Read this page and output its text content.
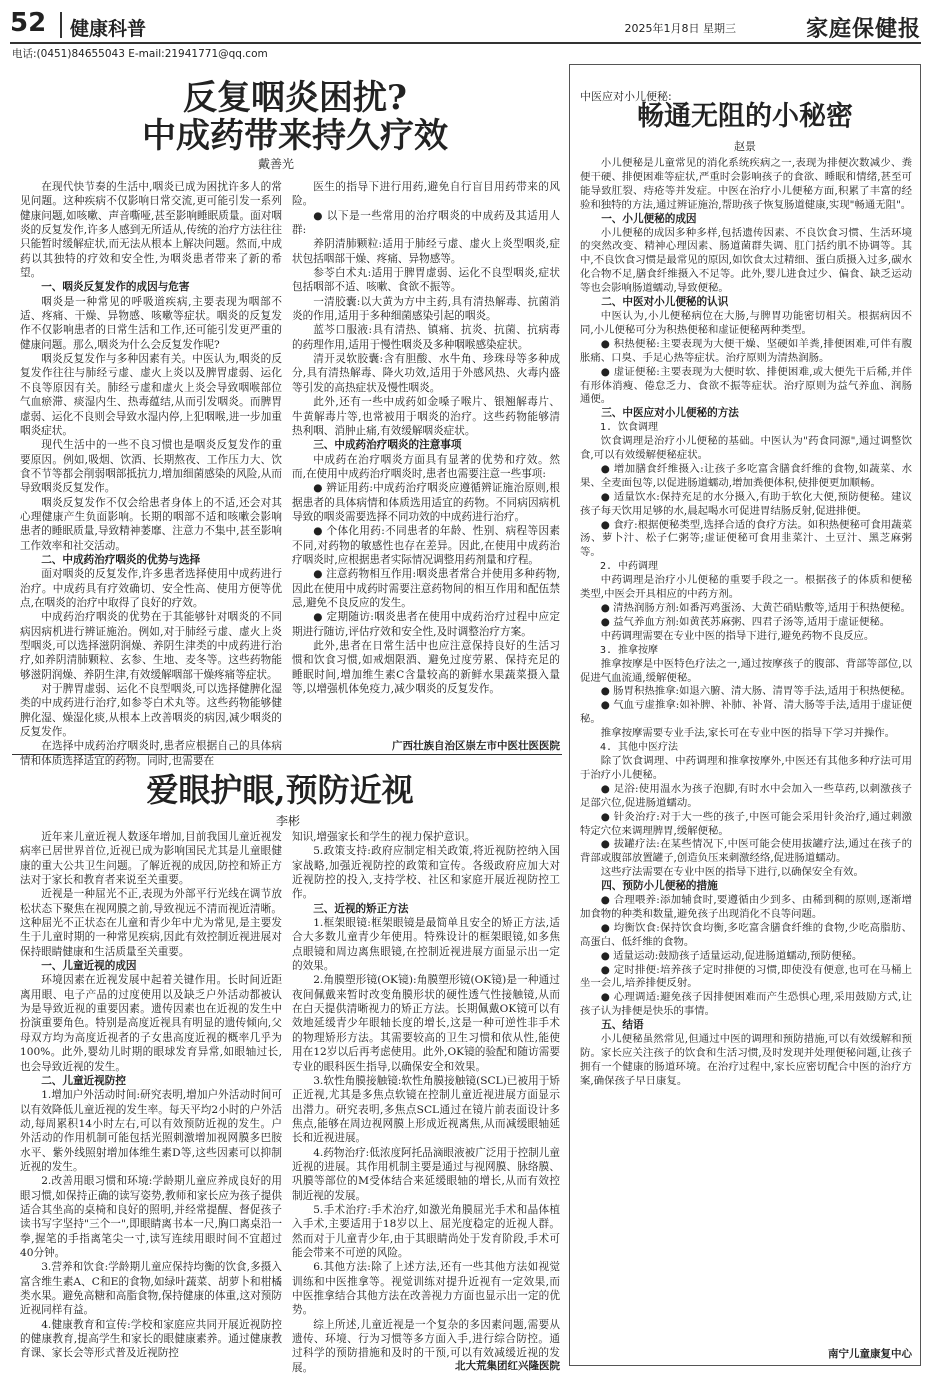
52 健康科普	2025年1月8日 星期三	家庭保健报
电话:(0451)84655043 E-mail:21941771@qq.com
反复咽炎困扰?
中成药带来持久疗效
戴善光

在现代快节奏的生活中,咽炎已成为困扰许多人的常见问题。这种疾病不仅影响日常交流,更可能引发一系列健康问题,如咳嗽、声音嘶哑,甚至影响睡眠质量。面对咽炎的反复发作,许多人感到无所适从,传统的治疗方法往往只能暂时缓解症状,而无法从根本上解决问题。然而,中成药以其独特的疗效和安全性,为咽炎患者带来了新的希望。

一、咽炎反复发作的成因与危害

咽炎是一种常见的呼吸道疾病,主要表现为咽部不适、疼痛、干燥、异物感、咳嗽等症状。咽炎的反复发作不仅影响患者的日常生活和工作,还可能引发更严重的健康问题。那么,咽炎为什么会反复发作呢?

咽炎反复发作与多种因素有关。中医认为,咽炎的反复发作往往与肺经亏虚、虚火上炎以及脾胃虚弱、运化不良等原因有关。肺经亏虚和虚火上炎会导致咽喉部位气血瘀滞、痰湿内生、热毒蕴结,从而引发咽炎。而脾胃虚弱、运化不良则会导致水湿内停,上犯咽喉,进一步加重咽炎症状。

现代生活中的一些不良习惯也是咽炎反复发作的重要原因。例如,吸烟、饮酒、长期熬夜、工作压力大、饮食不节等都会削弱咽部抵抗力,增加细菌感染的风险,从而导致咽炎反复发作。

咽炎反复发作不仅会给患者身体上的不适,还会对其心理健康产生负面影响。长期的咽部不适和咳嗽会影响患者的睡眠质量,导致精神萎靡、注意力不集中,甚至影响工作效率和社交活动。

二、中成药治疗咽炎的优势与选择

面对咽炎的反复发作,许多患者选择使用中成药进行治疗。中成药具有疗效确切、安全性高、使用方便等优点,在咽炎的治疗中取得了良好的疗效。

中成药治疗咽炎的优势在于其能够针对咽炎的不同病因病机进行辨证施治。例如,对于肺经亏虚、虚火上炎型咽炎,可以选择滋阴润燥、养阴生津类的中成药进行治疗,如养阴清肺颗粒、玄参、生地、麦冬等。这些药物能够滋阴润燥、养阴生津,有效缓解咽部干燥疼痛等症状。

对于脾胃虚弱、运化不良型咽炎,可以选择健脾化湿类的中成药进行治疗,如参苓白术丸等。这些药物能够健脾化湿、燥湿化痰,从根本上改善咽炎的病因,减少咽炎的反复发作。

在选择中成药治疗咽炎时,患者应根据自己的具体病情和体质选择适宜的药物。同时,也需要在

医生的指导下进行用药,避免自行盲目用药带来的风险。

● 以下是一些常用的治疗咽炎的中成药及其适用人群:

养阴清肺颗粒:适用于肺经亏虚、虚火上炎型咽炎,症状包括咽部干燥、疼痛、异物感等。

参苓白术丸:适用于脾胃虚弱、运化不良型咽炎,症状包括咽部不适、咳嗽、食欲不振等。

一清胶囊:以大黄为方中主药,具有清热解毒、抗菌消炎的作用,适用于多种细菌感染引起的咽炎。

蓝芩口服液:具有清热、镇痛、抗炎、抗菌、抗病毒的药理作用,适用于慢性咽炎及多种咽喉感染症状。

清开灵软胶囊:含有胆酸、水牛角、珍珠母等多种成分,具有清热解毒、降火功效,适用于外感风热、火毒内盛等引发的高热症状及慢性咽炎。

此外,还有一些中成药如金嗓子喉片、银翘解毒片、牛黄解毒片等,也常被用于咽炎的治疗。这些药物能够清热利咽、消肿止痛,有效缓解咽炎症状。

三、中成药治疗咽炎的注意事项

中成药在治疗咽炎方面具有显著的优势和疗效。然而,在使用中成药治疗咽炎时,患者也需要注意一些事项:

● 辨证用药:中成药治疗咽炎应遵循辨证施治原则,根据患者的具体病情和体质选用适宜的药物。不同病因病机导致的咽炎需要选择不同功效的中成药进行治疗。

● 个体化用药:不同患者的年龄、性别、病程等因素不同,对药物的敏感性也存在差异。因此,在使用中成药治疗咽炎时,应根据患者实际情况调整用药剂量和疗程。

● 注意药物相互作用:咽炎患者常合并使用多种药物,因此在使用中成药时需要注意药物间的相互作用和配伍禁忌,避免不良反应的发生。

● 定期随访:咽炎患者在使用中成药治疗过程中应定期进行随访,评估疗效和安全性,及时调整治疗方案。

此外,患者在日常生活中也应注意保持良好的生活习惯和饮食习惯,如戒烟限酒、避免过度劳累、保持充足的睡眠时间,增加维生素C含量较高的新鲜水果蔬菜摄入量等,以增强机体免疫力,减少咽炎的反复发作。

广西壮族自治区崇左市中医壮医医院
爱眼护眼,预防近视
李彬

近年来儿童近视人数逐年增加,目前我国儿童近视发病率已居世界首位,近视已成为影响国民尤其是儿童眼健康的重大公共卫生问题。了解近视的成因,防控和矫正方法对于家长和教育者来说至关重要。

近视是一种屈光不正,表现为外部平行光线在调节放松状态下聚焦在视网膜之前,导致视远不清而视近清晰。这种屈光不正状态在儿童和青少年中尤为常见,是主要发生于儿童时期的一种常见疾病,因此有效控制近视进展对保持眼睛健康和生活质量至关重要。

一、儿童近视的成因

环境因素在近视发展中起着关键作用。长时间近距离用眼、电子产品的过度使用以及缺乏户外活动都被认为是导致近视的重要因素。遗传因素也在近视的发生中扮演重要角色。特别是高度近视具有明显的遗传倾向,父母双方均为高度近视者的子女患高度近视的概率几乎为100%。此外,婴幼儿时期的眼球发育异常,如眼轴过长,也会导致近视的发生。

二、儿童近视防控

1.增加户外活动时间:研究表明,增加户外活动时间可以有效降低儿童近视的发生率。每天平均2小时的户外活动,每周累积14小时左右,可以有效预防近视的发生。户外活动的作用机制可能包括光照刺激增加视网膜多巴胺水平、紫外线照射增加体维生素D等,这些因素可以抑制近视的发生。

2.改善用眼习惯和环境:学龄期儿童应养成良好的用眼习惯,如保持正确的读写姿势,教师和家长应为孩子提供适合其坐高的桌椅和良好的照明,并经常提醒、督促孩子读书写字坚持"三个一",即眼睛离书本一尺,胸口离桌沿一拳,握笔的手指离笔尖一寸,读写连续用眼时间不宜超过40分钟。

3.营养和饮食:学龄期儿童应保持均衡的饮食,多摄入富含维生素A、C和E的食物,如绿叶蔬菜、胡萝卜和柑橘类水果。避免高糖和高脂食物,保持健康的体重,这对预防近视同样有益。

4.健康教育和宣传:学校和家庭应共同开展近视防控的健康教育,提高学生和家长的眼健康素养。通过健康教育课、家长会等形式普及近视防控

知识,增强家长和学生的视力保护意识。

5.政策支持:政府应制定相关政策,将近视防控纳入国家战略,加强近视防控的政策和宣传。各级政府应加大对近视防控的投入,支持学校、社区和家庭开展近视防控工作。

三、近视的矫正方法

1.框架眼镜:框架眼镜是最简单且安全的矫正方法,适合大多数儿童青少年使用。特殊设计的框架眼镜,如多焦点眼镜和周边离焦眼镜,在控制近视进展方面显示出一定的效果。

2.角膜塑形镜(OK镜):角膜塑形镜(OK镜)是一种通过夜间佩戴来暂时改变角膜形状的硬性透气性接触镜,从而在白天提供清晰视力的矫正方法。长期佩戴OK镜可以有效地延缓青少年眼轴长度的增长,这是一种可逆性非手术的物理矫形方法。其需要较高的卫生习惯和依从性,能使用在12岁以后再考虑使用。此外,OK镜的验配和随访需要专业的眼科医生指导,以确保安全和效果。

3.软性角膜接触镜:软性角膜接触镜(SCL)已被用于矫正近视,尤其是多焦点软镜在控制儿童近视进展方面显示出潜力。研究表明,多焦点SCL通过在镜片前表面设计多焦点,能够在周边视网膜上形成近视离焦,从而减缓眼轴延长和近视进展。

4.药物治疗:低浓度阿托品滴眼液被广泛用于控制儿童近视的进展。其作用机制主要是通过与视网膜、脉络膜、巩膜等部位的M受体结合来延缓眼轴的增长,从而有效控制近视的发展。

5.手术治疗:手术治疗,如激光角膜屈光手术和晶体植入手术,主要适用于18岁以上、屈光度稳定的近视人群。然而对于儿童青少年,由于其眼睛尚处于发育阶段,手术可能会带来不可逆的风险。

6.其他方法:除了上述方法,还有一些其他方法如视觉训练和中医推拿等。视觉训练对提升近视有一定效果,而中医推拿结合其他方法在改善视力方面也显示出一定的优势。

综上所述,儿童近视是一个复杂的多因素问题,需要从遗传、环境、行为习惯等多方面入手,进行综合防控。通过科学的预防措施和及时的干预,可以有效减缓近视的发展。	北大荒集团红兴隆医院
中医应对小儿便秘:
畅通无阻的小秘密
赵景

小儿便秘是儿童常见的消化系统疾病之一,表现为排便次数减少、粪便干硬、排便困难等症状,严重时会影响孩子的食欲、睡眠和情绪,甚至可能导致肛裂、痔疮等并发症。中医在治疗小儿便秘方面,积累了丰富的经验和独特的方法,通过辨证施治,帮助孩子恢复肠道健康,实现"畅通无阻"。

一、小儿便秘的成因

小儿便秘的成因多种多样,包括遗传因素、不良饮食习惯、生活环境的突然改变、精神心理因素、肠道菌群失调、肛门括约肌不协调等。其中,不良饮食习惯是最常见的原因,如饮食太过精细、蛋白质摄入过多,碳水化合物不足,膳食纤维摄入不足等。此外,婴儿进食过少、偏食、缺乏运动等也会影响肠道蠕动,导致便秘。

二、中医对小儿便秘的认识

中医认为,小儿便秘病位在大肠,与脾胃功能密切相关。根据病因不同,小儿便秘可分为积热便秘和虚证便秘两种类型。

● 积热便秘:主要表现为大便干燥、坚硬如羊粪,排便困难,可伴有腹胀痛、口臭、手足心热等症状。治疗原则为清热润肠。

● 虚证便秘:主要表现为大便时软、排便困难,或大便先干后稀,并伴有形体消瘦、倦怠乏力、食欲不振等症状。治疗原则为益气养血、润肠通便。

三、中医应对小儿便秘的方法
1. 饮食调理

饮食调理是治疗小儿便秘的基础。中医认为"药食同源",通过调整饮食,可以有效缓解便秘症状。

● 增加膳食纤维摄入:让孩子多吃富含膳食纤维的食物,如蔬菜、水果、全麦面包等,以促进肠道蠕动,增加粪便体积,使排便更加顺畅。

● 适量饮水:保持充足的水分摄入,有助于软化大便,预防便秘。建议孩子每天饮用足够的水,晨起喝水可促进胃结肠反射,促进排便。

● 食疗:根据便秘类型,选择合适的食疗方法。如积热便秘可食用蔬菜汤、萝卜汁、松子仁粥等;虚证便秘可食用韭菜汁、土豆汁、黑芝麻粥等。

2. 中药调理

中药调理是治疗小儿便秘的重要手段之一。根据孩子的体质和便秘类型,中医会开具相应的中药方剂。

● 清热润肠方剂:如番泻鸡蛋汤、大黄芒硝贴敷等,适用于积热便秘。

● 益气养血方剂:如黄芪苏麻粥、四君子汤等,适用于虚证便秘。

中药调理需要在专业中医的指导下进行,避免药物不良反应。

3. 推拿按摩

推拿按摩是中医特色疗法之一,通过按摩孩子的腹部、背部等部位,以促进气血流通,缓解便秘。

● 肠胃积热推拿:如退六腑、清大肠、清胃等手法,适用于积热便秘。

● 气血亏虚推拿:如补脾、补肺、补肾、清大肠等手法,适用于虚证便秘。

推拿按摩需要专业手法,家长可在专业中医的指导下学习并操作。

4. 其他中医疗法

除了饮食调理、中药调理和推拿按摩外,中医还有其他多种疗法可用于治疗小儿便秘。

● 足浴:使用温水为孩子泡脚,有时水中会加入一些草药,以刺激孩子足部穴位,促进肠道蠕动。

● 针灸治疗:对于大一些的孩子,中医可能会采用针灸治疗,通过刺激特定穴位来调理脾胃,缓解便秘。

● 拔罐疗法:在某些情况下,中医可能会使用拔罐疗法,通过在孩子的背部或腹部放置罐子,创造负压来刺激经络,促进肠道蠕动。

这些疗法需要在专业中医的指导下进行,以确保安全有效。

四、预防小儿便秘的措施

● 合理喂养:添加辅食时,要遵循由少到多、由稀到稠的原则,逐渐增加食物的种类和数量,避免孩子出现消化不良等问题。

● 均衡饮食:保持饮食均衡,多吃富含膳食纤维的食物,少吃高脂肪、高蛋白、低纤维的食物。

● 适量运动:鼓励孩子适量运动,促进肠道蠕动,预防便秘。

● 定时排便:培养孩子定时排便的习惯,即使没有便意,也可在马桶上坐一会儿,培养排便反射。

● 心理调适:避免孩子因排便困难而产生恐惧心理,采用鼓励方式,让孩子认为排便是快乐的事情。

五、结语

小儿便秘虽然常见,但通过中医的调理和预防措施,可以有效缓解和预防。家长应关注孩子的饮食和生活习惯,及时发现并处理便秘问题,让孩子拥有一个健康的肠道环境。在治疗过程中,家长应密切配合中医的治疗方案,确保孩子早日康复。

南宁儿童康复中心
